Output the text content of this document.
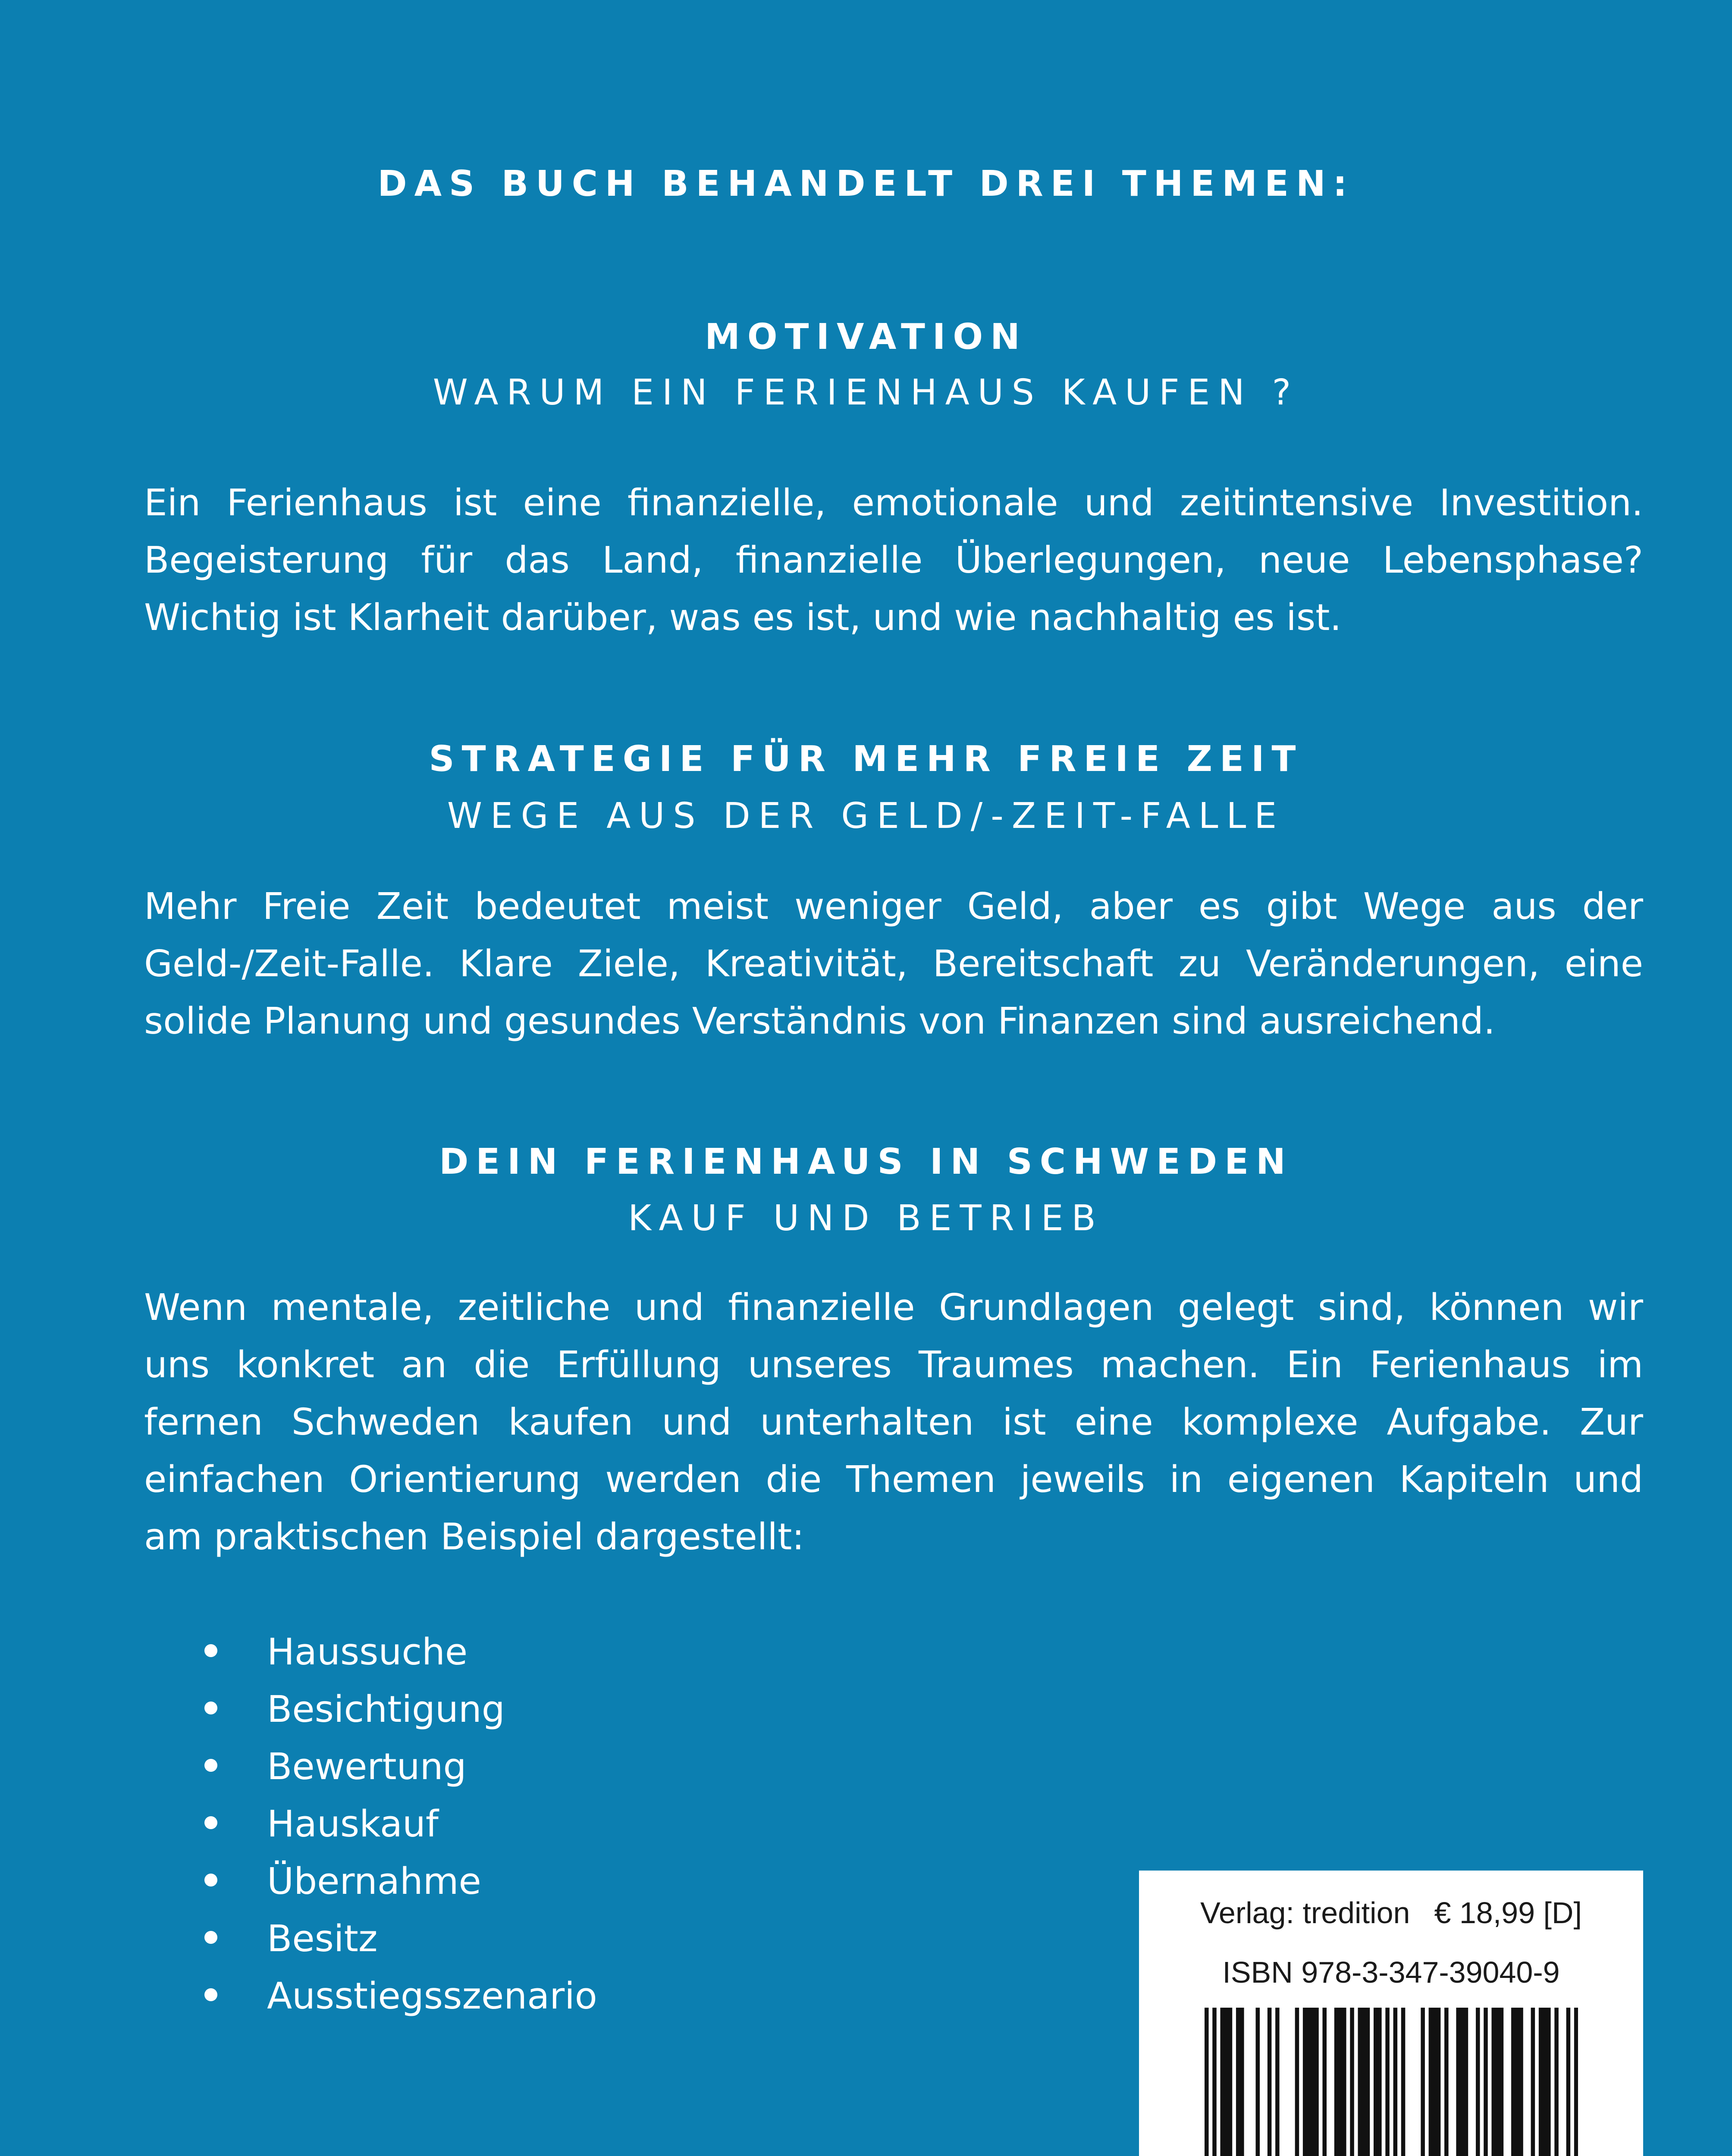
DAS BUCH BEHANDELT DREI THEMEN:
MOTIVATION
WARUM EIN FERIENHAUS KAUFEN ?
Ein Ferienhaus ist eine finanzielle, emotionale und zeitintensive Investition.
Begeisterung für das Land, finanzielle Überlegungen, neue Lebensphase?
Wichtig ist Klarheit darüber, was es ist, und wie nachhaltig es ist.
STRATEGIE FÜR MEHR FREIE ZEIT
WEGE AUS DER GELD/-ZEIT-FALLE
Mehr Freie Zeit bedeutet meist weniger Geld, aber es gibt Wege aus der
Geld-/Zeit-Falle. Klare Ziele, Kreativität, Bereitschaft zu Veränderungen, eine
solide Planung und gesundes Verständnis von Finanzen sind ausreichend.
DEIN FERIENHAUS IN SCHWEDEN
KAUF UND BETRIEB
Wenn mentale, zeitliche und finanzielle Grundlagen gelegt sind, können wir
uns konkret an die Erfüllung unseres Traumes machen. Ein Ferienhaus im
fernen Schweden kaufen und unterhalten ist eine komplexe Aufgabe. Zur
einfachen Orientierung werden die Themen jeweils in eigenen Kapiteln und
am praktischen Beispiel dargestellt:
Haussuche
Besichtigung
Bewertung
Hauskauf
Übernahme
Besitz
Ausstiegsszenario
Verlag: tredition € 18,99 [D]
ISBN 978-3-347-39040-9
